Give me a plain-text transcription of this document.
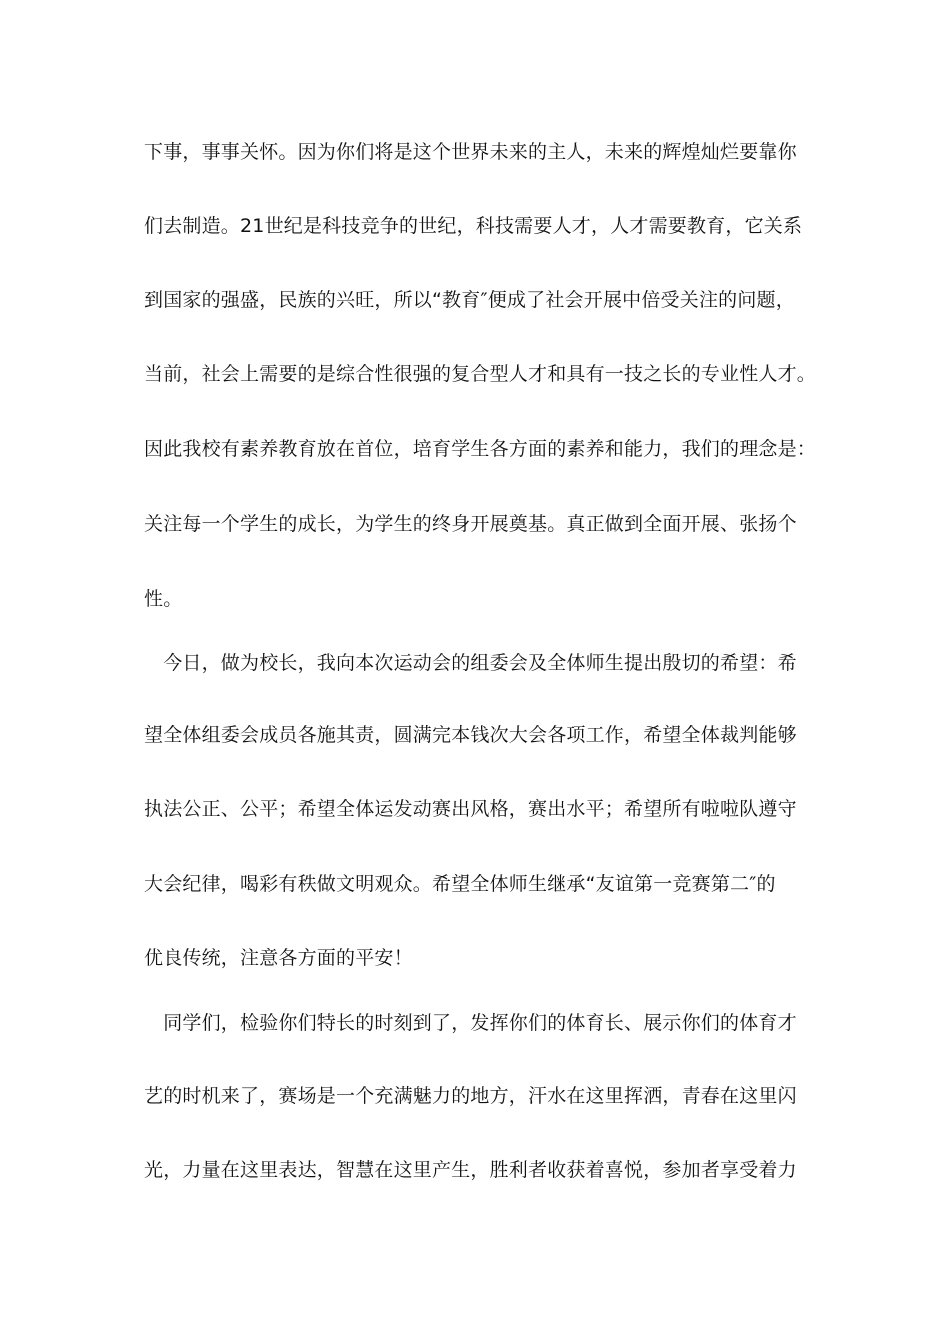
下事，事事关怀。因为你们将是这个世界未来的主人，未来的辉煌灿烂要靠你
们去制造。21世纪是科技竞争的世纪，科技需要人才，人才需要教育，它关系
到国家的强盛，民族的兴旺，所以“教育″便成了社会开展中倍受关注的问题，
当前，社会上需要的是综合性很强的复合型人才和具有一技之长的专业性人才。
因此我校有素养教育放在首位，培育学生各方面的素养和能力，我们的理念是：
关注每一个学生的成长，为学生的终身开展奠基。真正做到全面开展、张扬个
性。
　今日，做为校长，我向本次运动会的组委会及全体师生提出殷切的希望：希
望全体组委会成员各施其责，圆满完本钱次大会各项工作，希望全体裁判能够
执法公正、公平；希望全体运发动赛出风格，赛出水平；希望所有啦啦队遵守
大会纪律，喝彩有秩做文明观众。希望全体师生继承“友谊第一竞赛第二″的
优良传统，注意各方面的平安！
　同学们，检验你们特长的时刻到了，发挥你们的体育长、展示你们的体育才
艺的时机来了，赛场是一个充满魅力的地方，汗水在这里挥洒，青春在这里闪
光，力量在这里表达，智慧在这里产生，胜利者收获着喜悦，参加者享受着力
